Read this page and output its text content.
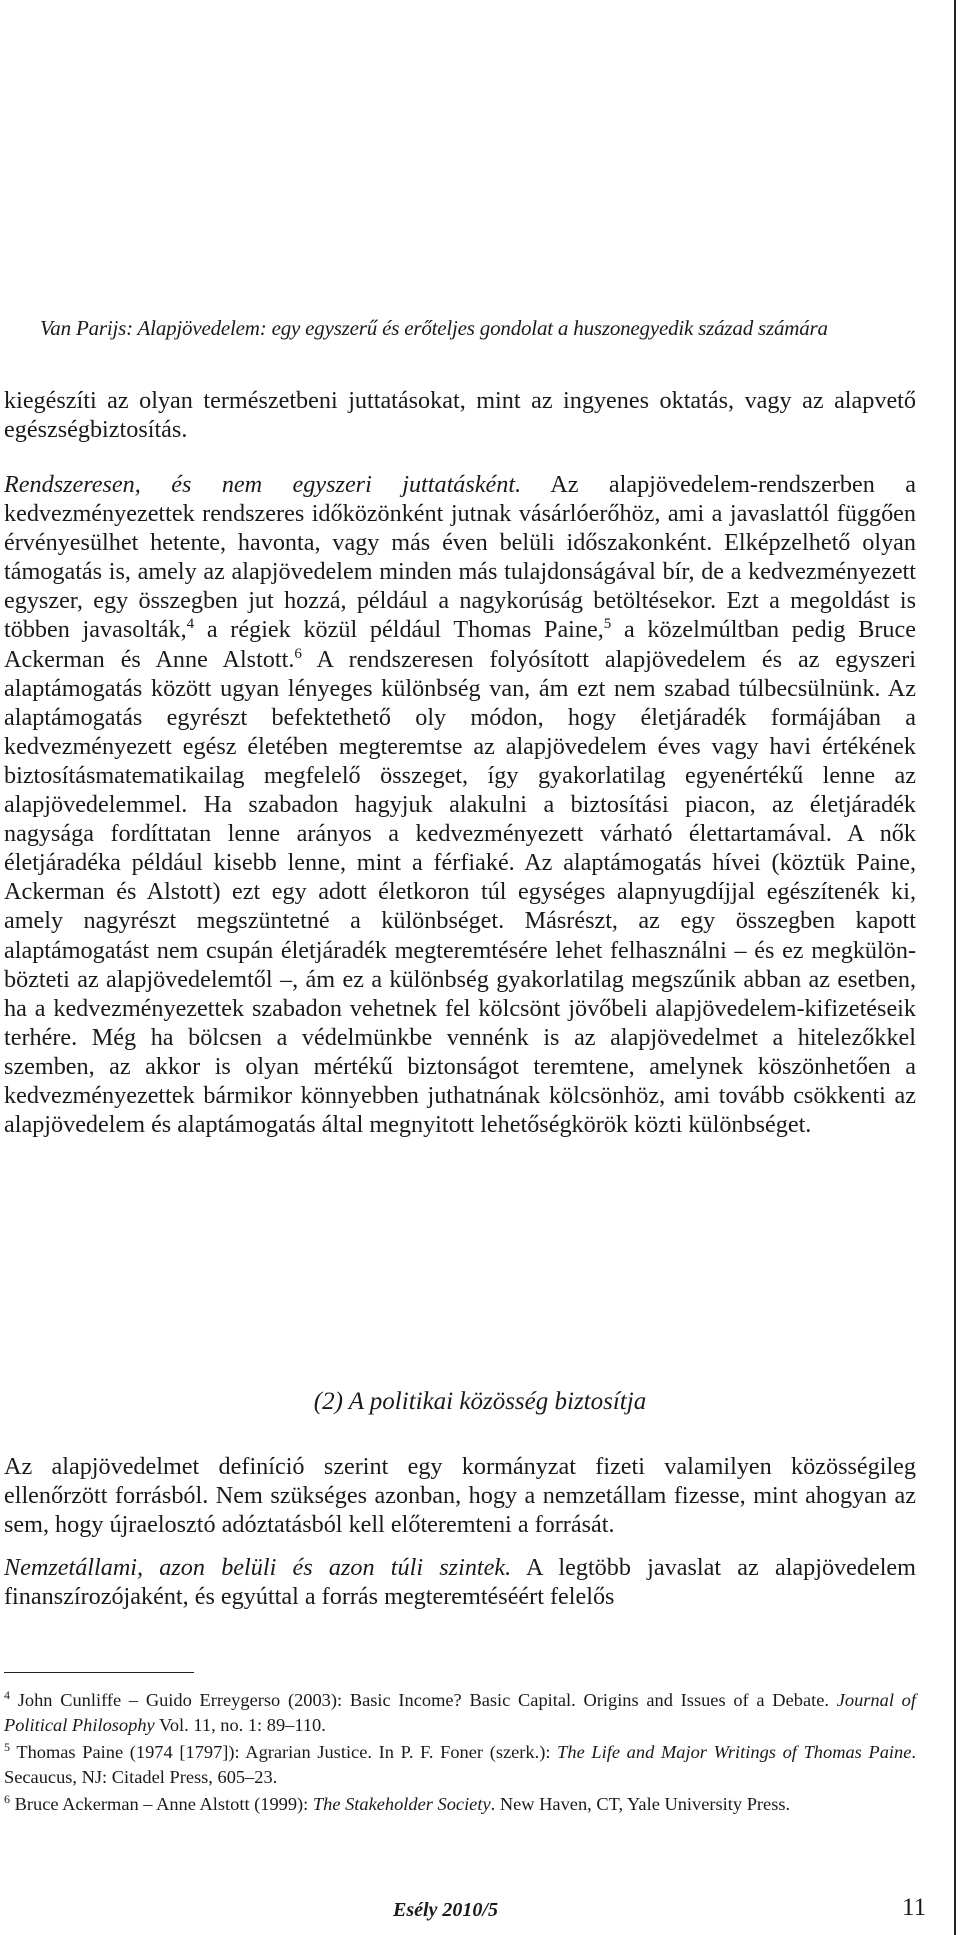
Van Parijs: Alapjövedelem: egy egyszerű és erőteljes gondolat a huszonegyedik század számára

kiegészíti az olyan természetbeni juttatásokat, mint az ingyenes oktatás, vagy az alapvető egészségbiztosítás.

Rendszeresen, és nem egyszeri juttatásként. Az alapjövedelem-rendszerben a kedvezményezettek rendszeres időközönként jutnak vásárlóerőhöz, ami a javaslattól függően érvényesülhet hetente, havonta, vagy más éven belüli időszakonként. Elképzelhető olyan támogatás is, amely az alapjövedelem minden más tulajdonságával bír, de a kedvezményezett egyszer, egy összegben jut hozzá, például a nagykorúság betöltésekor. Ezt a megoldást is többen javasolták,$^4$ a régiek közül például Thomas Paine,$^5$ a közelmúltban pedig Bruce Ackerman és Anne Alstott.$^6$ A rendszeresen folyósított alapjövedelem és az egyszeri alaptámogatás között ugyan lényeges különbség van, ám ezt nem szabad túlbecsülnünk. Az alaptámogatás egyrészt befektethető oly módon, hogy életjáradék formájában a kedvezményezett egész életében megteremtse az alapjövedelem éves vagy havi értékének biztosításmatematikailag megfelelő összeget, így gyakorlatilag egyenértékű lenne az alapjövedelemmel. Ha szabadon hagyjuk alakulni a biztosítási piacon, az életjáradék nagysága fordíttatan lenne arányos a kedvezményezett várható élettartamával. A nők életjáradéka például kisebb lenne, mint a férfiaké. Az alaptámogatás hívei (köztük Paine, Ackerman és Alstott) ezt egy adott életkoron túl egységes alapnyugdíjjal egészítenék ki, amely nagyrészt megszüntetné a különbséget. Másrészt, az egy összegben kapott alaptámogatást nem csupán életjáradék megteremtésére lehet felhasználni – és ez megkülönbözteti az alapjövedelemtől –, ám ez a különbség gyakorlatilag megszűnik abban az esetben, ha a kedvezményezettek szabadon vehetnek fel kölcsönt jövőbeli alapjövedelem-kifizetéseik terhére. Még ha bölcsen a védelmünkbe vennénk is az alapjövedelmet a hitelezőkkel szemben, az akkor is olyan mértékű biztonságot teremtene, amelynek köszönhetően a kedvezményezettek bármikor könnyebben juthatnának kölcsönhöz, ami tovább csökkenti az alapjövedelem és alaptámogatás által megnyitott lehetőségkörök közti különbséget.

(2) A politikai közösség biztosítja

Az alapjövedelmet definíció szerint egy kormányzat fizeti valamilyen közösségileg ellenőrzött forrásból. Nem szükséges azonban, hogy a nemzetállam fizesse, mint ahogyan az sem, hogy újraelosztó adóztatásból kell előteremteni a forrását.

Nemzetállami, azon belüli és azon túli szintek. A legtöbb javaslat az alapjövedelem finanszírozójaként, és egyúttal a forrás megteremtéséért felelős

$^4$ John Cunliffe – Guido Erreygerso (2003): Basic Income? Basic Capital. Origins and Issues of a Debate. Journal of Political Philosophy Vol. 11, no. 1: 89–110.

$^5$ Thomas Paine (1974 [1797]): Agrarian Justice. In P. F. Foner (szerk.): The Life and Major Writings of Thomas Paine. Secaucus, NJ: Citadel Press, 605–23.

$^6$ Bruce Ackerman – Anne Alstott (1999): The Stakeholder Society. New Haven, CT, Yale University Press.

Esély 2010/5	11
